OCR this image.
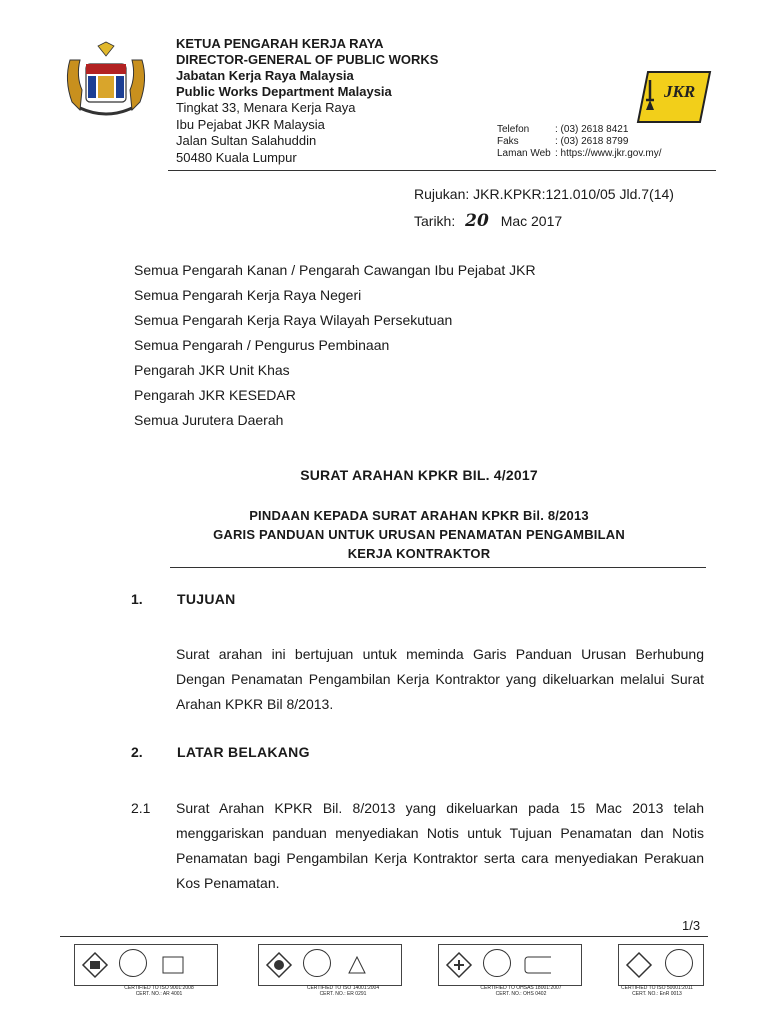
KETUA PENGARAH KERJA RAYA
DIRECTOR-GENERAL OF PUBLIC WORKS
Jabatan Kerja Raya Malaysia
Public Works Department Malaysia
Tingkat 33, Menara Kerja Raya
Ibu Pejabat JKR Malaysia
Jalan Sultan Salahuddin
50480 Kuala Lumpur
JKR
Telefon	: (03) 2618 8421
Faks	: (03) 2618 8799
Laman Web : https://www.jkr.gov.my/
Rujukan: JKR.KPKR:121.010/05 Jld.7(14)
Tarikh: 20 Mac 2017
Semua Pengarah Kanan / Pengarah Cawangan Ibu Pejabat JKR
Semua Pengarah Kerja Raya Negeri
Semua Pengarah Kerja Raya Wilayah Persekutuan
Semua Pengarah / Pengurus Pembinaan
Pengarah JKR Unit Khas
Pengarah JKR KESEDAR
Semua Jurutera Daerah
SURAT ARAHAN KPKR BIL. 4/2017
PINDAAN KEPADA SURAT ARAHAN KPKR Bil. 8/2013
GARIS PANDUAN UNTUK URUSAN PENAMATAN PENGAMBILAN
KERJA KONTRAKTOR
1. TUJUAN
Surat arahan ini bertujuan untuk meminda Garis Panduan Urusan Berhubung Dengan Penamatan Pengambilan Kerja Kontraktor yang dikeluarkan melalui Surat Arahan KPKR Bil 8/2013.
2. LATAR BELAKANG
2.1 Surat Arahan KPKR Bil. 8/2013 yang dikeluarkan pada 15 Mac 2013 telah menggariskan panduan menyediakan Notis untuk Tujuan Penamatan dan Notis Penamatan bagi Pengambilan Kerja Kontraktor serta cara menyediakan Perakuan Kos Penamatan.
1/3
CERTIFIED TO ISO 9001:2008
CERT. NO.: AR 4001
CERTIFIED TO ISO 14001:2004
CERT. NO.: ER 0291
CERTIFIED TO OHSAS 18001:2007
CERT. NO.: OHS 0402
CERTIFIED TO ISO 50001:2011
CERT. NO.: EnR 0013
